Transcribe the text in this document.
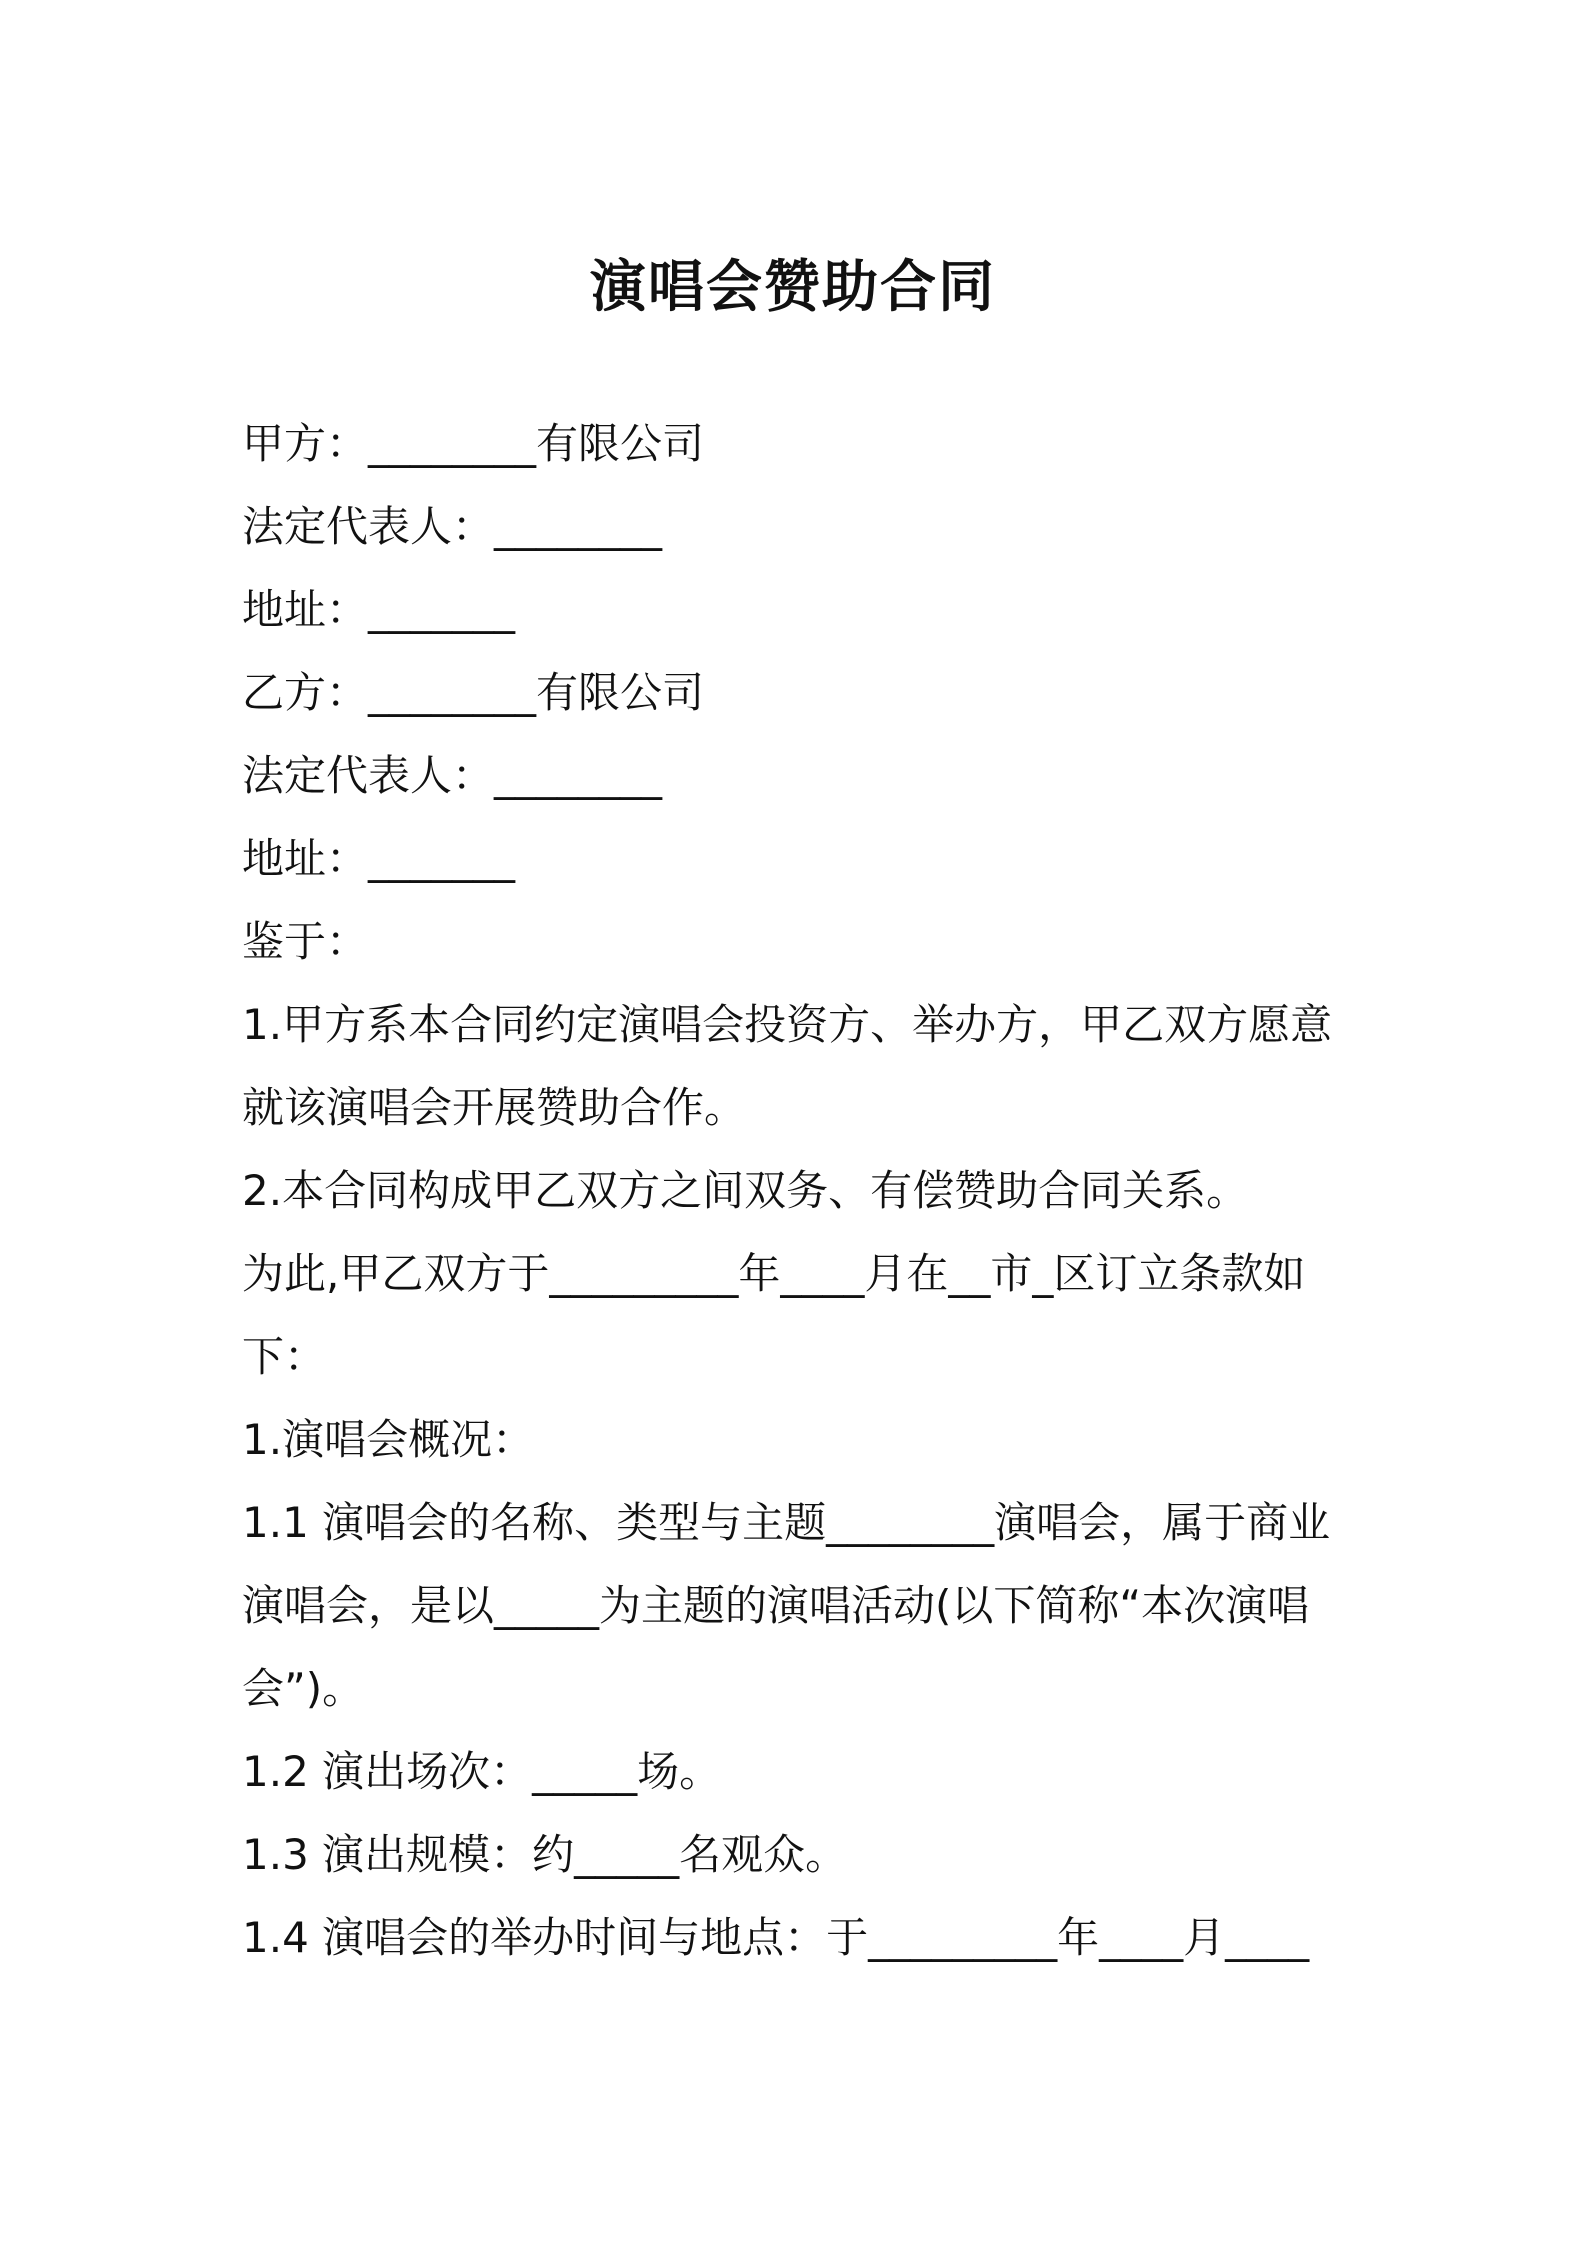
演唱会赞助合同
甲方：________有限公司
法定代表人：________
地址：_______
乙方：________有限公司
法定代表人：________
地址：_______
鉴于：
1.甲方系本合同约定演唱会投资方、举办方，甲乙双方愿意
就该演唱会开展赞助合作。
2.本合同构成甲乙双方之间双务、有偿赞助合同关系。
为此,甲乙双方于_________年____月在__市_区订立条款如
下：
1.演唱会概况：
1.1 演唱会的名称、类型与主题________演唱会，属于商业
演唱会，是以_____为主题的演唱活动(以下简称“本次演唱
会”)。
1.2 演出场次：_____场。
1.3 演出规模：约_____名观众。
1.4 演唱会的举办时间与地点：于_________年____月____
